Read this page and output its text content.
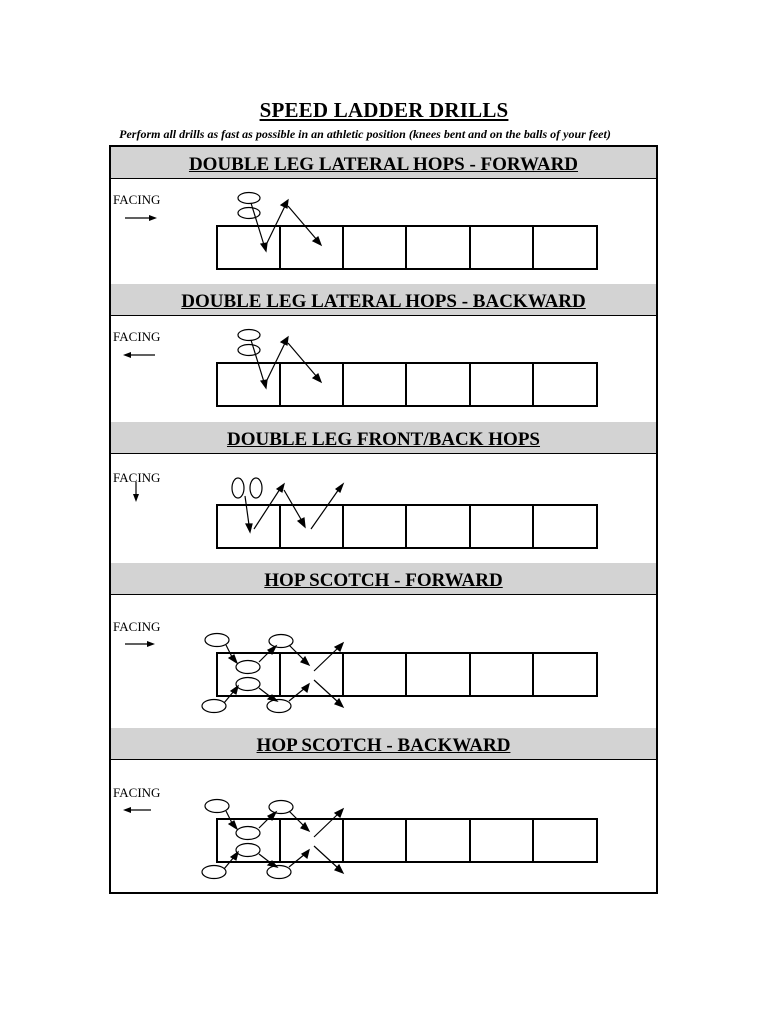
SPEED LADDER DRILLS
Perform all drills as fast as possible in an athletic position (knees bent and on the balls of your feet)
DOUBLE LEG LATERAL HOPS - FORWARD
FACING
DOUBLE LEG LATERAL HOPS - BACKWARD
FACING
DOUBLE LEG FRONT/BACK HOPS
FACING
HOP SCOTCH - FORWARD
FACING
HOP SCOTCH - BACKWARD
FACING
